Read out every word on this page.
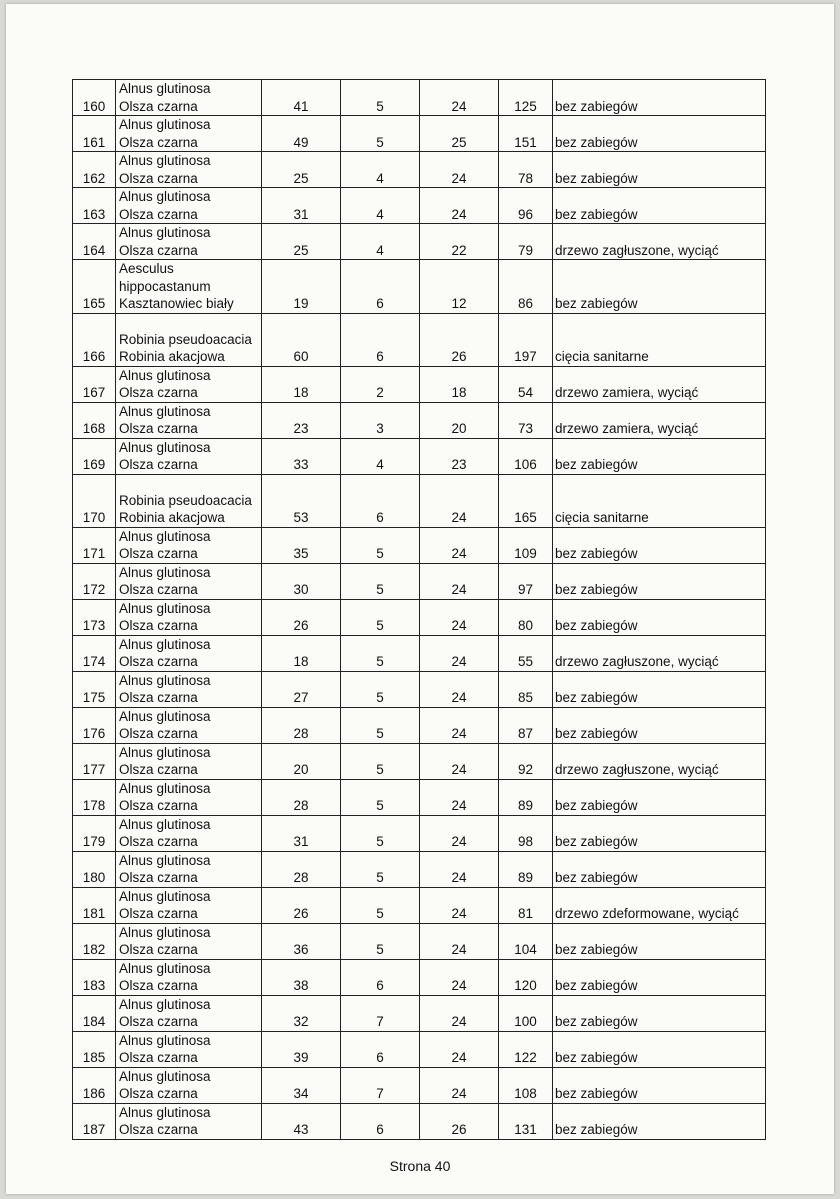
160	Alnus glutinosa
Olsza czarna	41	5	24	125	bez zabiegów
161	Alnus glutinosa
Olsza czarna	49	5	25	151	bez zabiegów
162	Alnus glutinosa
Olsza czarna	25	4	24	78	bez zabiegów
163	Alnus glutinosa
Olsza czarna	31	4	24	96	bez zabiegów
164	Alnus glutinosa
Olsza czarna	25	4	22	79	drzewo zagłuszone, wyciąć
165	Aesculus hippocastanum
Kasztanowiec biały	19	6	12	86	bez zabiegów
166	Robinia pseudoacacia
Robinia akacjowa	60	6	26	197	cięcia sanitarne
167	Alnus glutinosa
Olsza czarna	18	2	18	54	drzewo zamiera, wyciąć
168	Alnus glutinosa
Olsza czarna	23	3	20	73	drzewo zamiera, wyciąć
169	Alnus glutinosa
Olsza czarna	33	4	23	106	bez zabiegów
170	Robinia pseudoacacia
Robinia akacjowa	53	6	24	165	cięcia sanitarne
171	Alnus glutinosa
Olsza czarna	35	5	24	109	bez zabiegów
172	Alnus glutinosa
Olsza czarna	30	5	24	97	bez zabiegów
173	Alnus glutinosa
Olsza czarna	26	5	24	80	bez zabiegów
174	Alnus glutinosa
Olsza czarna	18	5	24	55	drzewo zagłuszone, wyciąć
175	Alnus glutinosa
Olsza czarna	27	5	24	85	bez zabiegów
176	Alnus glutinosa
Olsza czarna	28	5	24	87	bez zabiegów
177	Alnus glutinosa
Olsza czarna	20	5	24	92	drzewo zagłuszone, wyciąć
178	Alnus glutinosa
Olsza czarna	28	5	24	89	bez zabiegów
179	Alnus glutinosa
Olsza czarna	31	5	24	98	bez zabiegów
180	Alnus glutinosa
Olsza czarna	28	5	24	89	bez zabiegów
181	Alnus glutinosa
Olsza czarna	26	5	24	81	drzewo zdeformowane, wyciąć
182	Alnus glutinosa
Olsza czarna	36	5	24	104	bez zabiegów
183	Alnus glutinosa
Olsza czarna	38	6	24	120	bez zabiegów
184	Alnus glutinosa
Olsza czarna	32	7	24	100	bez zabiegów
185	Alnus glutinosa
Olsza czarna	39	6	24	122	bez zabiegów
186	Alnus glutinosa
Olsza czarna	34	7	24	108	bez zabiegów
187	Alnus glutinosa
Olsza czarna	43	6	26	131	bez zabiegów
Strona 40
